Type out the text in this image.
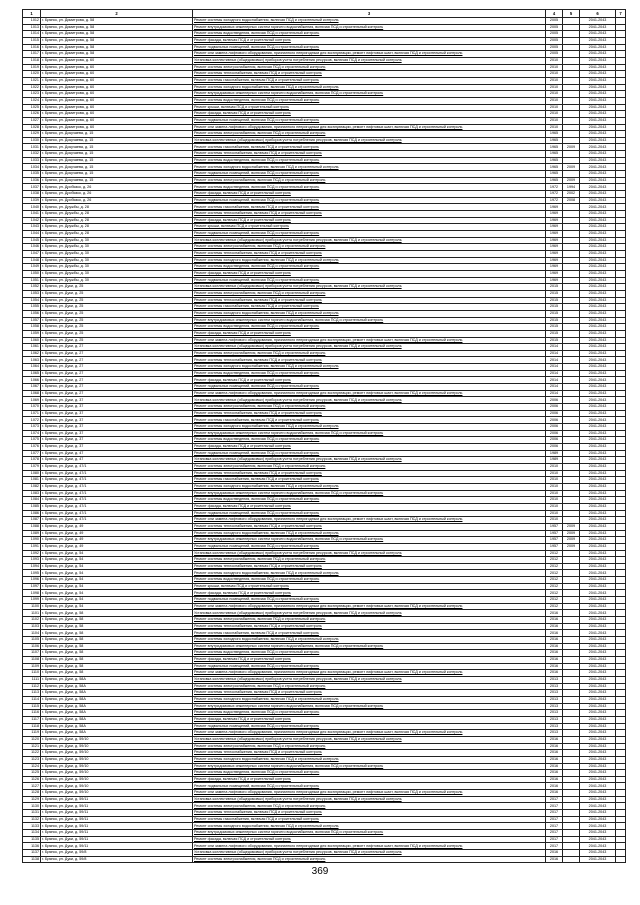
1	2	3	4	5	6	7
1012	г. Брянск, ул. Димитрова, д. 58	Ремонт системы холодного водоснабжения, включая ПСД и строительный контроль	2005		2041-2043	
1013	г. Брянск, ул. Димитрова, д. 58	Ремонт внутридомовых инженерных систем горячего водоснабжения, включая ПСД и строительный контроль	2005		2041-2043	
1014	г. Брянск, ул. Димитрова, д. 58	Ремонт системы водоотведения, включая ПСД и строительный контроль	2005		2041-2043	
1015	г. Брянск, ул. Димитрова, д. 58	Ремонт фасада, включая ПСД и строительный контроль	2005		2041-2043	
1016	г. Брянск, ул. Димитрова, д. 58	Ремонт подвальных помещений, включая ПСД и строительный контроль	2005		2041-2043	
1017	г. Брянск, ул. Димитрова, д. 58	Ремонт или замена лифтового оборудования, признанного непригодным для эксплуатации, ремонт лифтовых шахт, включая ПСД и строительный контроль	2005		2041-2043	
1018	г. Брянск, ул. Димитрова, д. 60	Установка коллективных (общедомовых) приборов учета потребления ресурсов, включая ПСД и строительный контроль	2010		2041-2043	
1019	г. Брянск, ул. Димитрова, д. 60	Ремонт системы электроснабжения, включая ПСД и строительный контроль	2010		2041-2043	
1020	г. Брянск, ул. Димитрова, д. 60	Ремонт системы теплоснабжения, включая ПСД и строительный контроль	2010		2041-2043	
1021	г. Брянск, ул. Димитрова, д. 60	Ремонт системы газоснабжения, включая ПСД и строительный контроль	2010		2041-2043	
1022	г. Брянск, ул. Димитрова, д. 60	Ремонт системы холодного водоснабжения, включая ПСД и строительный контроль	2010		2041-2043	
1023	г. Брянск, ул. Димитрова, д. 60	Ремонт внутридомовых инженерных систем горячего водоснабжения, включая ПСД и строительный контроль	2010		2041-2043	
1024	г. Брянск, ул. Димитрова, д. 60	Ремонт системы водоотведения, включая ПСД и строительный контроль	2010		2041-2043	
1025	г. Брянск, ул. Димитрова, д. 60	Ремонт крыши, включая ПСД и строительный контроль	2010		2041-2043	
1026	г. Брянск, ул. Димитрова, д. 60	Ремонт фасада, включая ПСД и строительный контроль	2010		2041-2043	
1027	г. Брянск, ул. Димитрова, д. 60	Ремонт подвальных помещений, включая ПСД и строительный контроль	2010		2041-2043	
1028	г. Брянск, ул. Димитрова, д. 60	Ремонт или замена лифтового оборудования, признанного непригодным для эксплуатации, ремонт лифтовых шахт, включая ПСД и строительный контроль	2010		2041-2043	
1029	г. Брянск, ул. Докучаева, д. 15	Ремонт системы электроснабжения, включая ПСД и строительный контроль	1965		2041-2043	
1030	г. Брянск, ул. Докучаева, д. 15	Установка коллективных (общедомовых) приборов учета потребления ресурсов, включая ПСД и строительный контроль	1965		2041-2043	
1031	г. Брянск, ул. Докучаева, д. 15	Ремонт системы газоснабжения, включая ПСД и строительный контроль	1965	2009	2041-2043	
1032	г. Брянск, ул. Докучаева, д. 15	Ремонт системы теплоснабжения, включая ПСД и строительный контроль	1965		2041-2043	
1033	г. Брянск, ул. Докучаева, д. 15	Ремонт системы водоотведения, включая ПСД и строительный контроль	1965		2041-2043	
1034	г. Брянск, ул. Докучаева, д. 15	Ремонт системы холодного водоснабжения, включая ПСД и строительный контроль	1965	2009	2041-2043	
1035	г. Брянск, ул. Докучаева, д. 15	Ремонт подвальных помещений, включая ПСД и строительный контроль	1965		2041-2043	
1036	г. Брянск, ул. Докучаева, д. 15	Ремонт системы электроснабжения, включая ПСД и строительный контроль	1965	2009	2041-2043	
1037	г. Брянск, ул. Дробязко, д. 26	Ремонт системы водоотведения, включая ПСД и строительный контроль	1972	1994	2041-2043	
1038	г. Брянск, ул. Дробязко, д. 26	Ремонт фасада, включая ПСД и строительный контроль	1972	2002	2041-2043	
1039	г. Брянск, ул. Дробязко, д. 26	Ремонт подвальных помещений, включая ПСД и строительный контроль	1972	2008	2041-2043	
1040	г. Брянск, ул. Дружбы, д. 28	Ремонт системы газоснабжения, включая ПСД и строительный контроль	1969		2041-2043	
1041	г. Брянск, ул. Дружбы, д. 28	Ремонт системы теплоснабжения, включая ПСД и строительный контроль	1969		2041-2043	
1042	г. Брянск, ул. Дружбы, д. 28	Ремонт фасада, включая ПСД и строительный контроль	1969		2041-2043	
1043	г. Брянск, ул. Дружбы, д. 28	Ремонт крыши, включая ПСД и строительный контроль	1969		2041-2043	
1044	г. Брянск, ул. Дружбы, д. 28	Ремонт подвальных помещений, включая ПСД и строительный контроль	1969		2041-2043	
1045	г. Брянск, ул. Дружбы, д. 30	Установка коллективных (общедомовых) приборов учета потребления ресурсов, включая ПСД и строительный контроль	1969		2041-2043	
1046	г. Брянск, ул. Дружбы, д. 30	Ремонт системы электроснабжения, включая ПСД и строительный контроль	1969		2041-2043	
1047	г. Брянск, ул. Дружбы, д. 30	Ремонт системы теплоснабжения, включая ПСД и строительный контроль	1969		2041-2043	
1048	г. Брянск, ул. Дружбы, д. 30	Ремонт системы холодного водоснабжения, включая ПСД и строительный контроль	1969		2041-2043	
1049	г. Брянск, ул. Дружбы, д. 30	Ремонт системы водоотведения, включая ПСД и строительный контроль	1969		2041-2043	
1050	г. Брянск, ул. Дружбы, д. 30	Ремонт фасада, включая ПСД и строительный контроль	1969		2041-2043	
1051	г. Брянск, ул. Дружбы, д. 30	Ремонт подвальных помещений, включая ПСД и строительный контроль	1969		2041-2043	
1052	г. Брянск, ул. Дуки, д. 25	Установка коллективных (общедомовых) приборов учета потребления ресурсов, включая ПСД и строительный контроль	2015		2041-2043	
1053	г. Брянск, ул. Дуки, д. 25	Ремонт системы электроснабжения, включая ПСД и строительный контроль	2015		2041-2043	
1054	г. Брянск, ул. Дуки, д. 25	Ремонт системы теплоснабжения, включая ПСД и строительный контроль	2015		2041-2043	
1055	г. Брянск, ул. Дуки, д. 25	Ремонт системы газоснабжения, включая ПСД и строительный контроль	2015		2041-2043	
1056	г. Брянск, ул. Дуки, д. 25	Ремонт системы холодного водоснабжения, включая ПСД и строительный контроль	2015		2041-2043	
1057	г. Брянск, ул. Дуки, д. 25	Ремонт внутридомовых инженерных систем горячего водоснабжения, включая ПСД и строительный контроль	2015		2041-2043	
1058	г. Брянск, ул. Дуки, д. 25	Ремонт системы водоотведения, включая ПСД и строительный контроль	2015		2041-2043	
1059	г. Брянск, ул. Дуки, д. 25	Ремонт фасада, включая ПСД и строительный контроль	2015		2041-2043	
1060	г. Брянск, ул. Дуки, д. 25	Ремонт или замена лифтового оборудования, признанного непригодным для эксплуатации, ремонт лифтовых шахт, включая ПСД и строительный контроль	2015		2041-2043	
1061	г. Брянск, ул. Дуки, д. 27	Установка коллективных (общедомовых) приборов учета потребления ресурсов, включая ПСД и строительный контроль	2014		2041-2043	
1062	г. Брянск, ул. Дуки, д. 27	Ремонт системы электроснабжения, включая ПСД и строительный контроль	2014		2041-2043	
1063	г. Брянск, ул. Дуки, д. 27	Ремонт системы теплоснабжения, включая ПСД и строительный контроль	2014		2041-2043	
1064	г. Брянск, ул. Дуки, д. 27	Ремонт системы холодного водоснабжения, включая ПСД и строительный контроль	2014		2041-2043	
1065	г. Брянск, ул. Дуки, д. 27	Ремонт системы водоотведения, включая ПСД и строительный контроль	2014		2041-2043	
1066	г. Брянск, ул. Дуки, д. 27	Ремонт фасада, включая ПСД и строительный контроль	2014		2041-2043	
1067	г. Брянск, ул. Дуки, д. 27	Ремонт подвальных помещений, включая ПСД и строительный контроль	2014		2041-2043	
1068	г. Брянск, ул. Дуки, д. 27	Ремонт или замена лифтового оборудования, признанного непригодным для эксплуатации, ремонт лифтовых шахт, включая ПСД и строительный контроль	2014		2041-2043	
1069	г. Брянск, ул. Дуки, д. 37	Установка коллективных (общедомовых) приборов учета потребления ресурсов, включая ПСД и строительный контроль	2006		2041-2043	
1070	г. Брянск, ул. Дуки, д. 37	Ремонт системы электроснабжения, включая ПСД и строительный контроль	2006		2041-2043	
1071	г. Брянск, ул. Дуки, д. 37	Ремонт системы теплоснабжения, включая ПСД и строительный контроль	2006		2041-2043	
1072	г. Брянск, ул. Дуки, д. 37	Ремонт системы газоснабжения, включая ПСД и строительный контроль	2006		2041-2043	
1073	г. Брянск, ул. Дуки, д. 37	Ремонт системы холодного водоснабжения, включая ПСД и строительный контроль	2006		2041-2043	
1074	г. Брянск, ул. Дуки, д. 37	Ремонт внутридомовых инженерных систем горячего водоснабжения, включая ПСД и строительный контроль	2006		2041-2043	
1075	г. Брянск, ул. Дуки, д. 37	Ремонт системы водоотведения, включая ПСД и строительный контроль	2006		2041-2043	
1076	г. Брянск, ул. Дуки, д. 37	Ремонт фасада, включая ПСД и строительный контроль	2006		2041-2043	
1077	г. Брянск, ул. Дуки, д. 47	Ремонт подвальных помещений, включая ПСД и строительный контроль	1989		2041-2043	
1078	г. Брянск, ул. Дуки, д. 47	Установка коллективных (общедомовых) приборов учета потребления ресурсов, включая ПСД и строительный контроль	1989		2041-2043	
1079	г. Брянск, ул. Дуки, д. 47/1	Ремонт системы электроснабжения, включая ПСД и строительный контроль	2010		2041-2043	
1080	г. Брянск, ул. Дуки, д. 47/1	Ремонт системы теплоснабжения, включая ПСД и строительный контроль	2010		2041-2043	
1081	г. Брянск, ул. Дуки, д. 47/1	Ремонт системы газоснабжения, включая ПСД и строительный контроль	2010		2041-2043	
1082	г. Брянск, ул. Дуки, д. 47/1	Ремонт системы холодного водоснабжения, включая ПСД и строительный контроль	2010		2041-2043	
1083	г. Брянск, ул. Дуки, д. 47/1	Ремонт внутридомовых инженерных систем горячего водоснабжения, включая ПСД и строительный контроль	2010		2041-2043	
1084	г. Брянск, ул. Дуки, д. 47/1	Ремонт системы водоотведения, включая ПСД и строительный контроль	2010		2041-2043	
1085	г. Брянск, ул. Дуки, д. 47/1	Ремонт фасада, включая ПСД и строительный контроль	2010		2041-2043	
1086	г. Брянск, ул. Дуки, д. 47/1	Ремонт подвальных помещений, включая ПСД и строительный контроль	2010		2041-2043	
1087	г. Брянск, ул. Дуки, д. 47/1	Ремонт или замена лифтового оборудования, признанного непригодным для эксплуатации, ремонт лифтовых шахт, включая ПСД и строительный контроль	2010		2041-2043	
1088	г. Брянск, ул. Дуки, д. 49	Ремонт системы теплоснабжения, включая ПСД и строительный контроль	1957	2009	2041-2043	
1089	г. Брянск, ул. Дуки, д. 49	Ремонт системы холодного водоснабжения, включая ПСД и строительный контроль	1957	2009	2041-2043	
1090	г. Брянск, ул. Дуки, д. 49	Ремонт внутридомовых инженерных систем горячего водоснабжения, включая ПСД и строительный контроль	1957	2009	2041-2043	
1091	г. Брянск, ул. Дуки, д. 49	Ремонт подвальных помещений, включая ПСД и строительный контроль	1957	2009	2041-2043	
1092	г. Брянск, ул. Дуки, д. 54	Установка коллективных (общедомовых) приборов учета потребления ресурсов, включая ПСД и строительный контроль	2012		2041-2043	
1093	г. Брянск, ул. Дуки, д. 54	Ремонт системы электроснабжения, включая ПСД и строительный контроль	2012		2041-2043	
1094	г. Брянск, ул. Дуки, д. 54	Ремонт системы теплоснабжения, включая ПСД и строительный контроль	2012		2041-2043	
1095	г. Брянск, ул. Дуки, д. 54	Ремонт системы холодного водоснабжения, включая ПСД и строительный контроль	2012		2041-2043	
1096	г. Брянск, ул. Дуки, д. 54	Ремонт системы водоотведения, включая ПСД и строительный контроль	2012		2041-2043	
1097	г. Брянск, ул. Дуки, д. 54	Ремонт крыши, включая ПСД и строительный контроль	2012		2041-2043	
1098	г. Брянск, ул. Дуки, д. 54	Ремонт фасада, включая ПСД и строительный контроль	2012		2041-2043	
1099	г. Брянск, ул. Дуки, д. 54	Ремонт подвальных помещений, включая ПСД и строительный контроль	2012		2041-2043	
1100	г. Брянск, ул. Дуки, д. 54	Ремонт или замена лифтового оборудования, признанного непригодным для эксплуатации, ремонт лифтовых шахт, включая ПСД и строительный контроль	2012		2041-2043	
1101	г. Брянск, ул. Дуки, д. 58	Установка коллективных (общедомовых) приборов учета потребления ресурсов, включая ПСД и строительный контроль	2016		2041-2043	
1102	г. Брянск, ул. Дуки, д. 58	Ремонт системы электроснабжения, включая ПСД и строительный контроль	2016		2041-2043	
1103	г. Брянск, ул. Дуки, д. 58	Ремонт системы теплоснабжения, включая ПСД и строительный контроль	2016		2041-2043	
1104	г. Брянск, ул. Дуки, д. 58	Ремонт системы газоснабжения, включая ПСД и строительный контроль	2016		2041-2043	
1105	г. Брянск, ул. Дуки, д. 58	Ремонт системы холодного водоснабжения, включая ПСД и строительный контроль	2016		2041-2043	
1106	г. Брянск, ул. Дуки, д. 58	Ремонт внутридомовых инженерных систем горячего водоснабжения, включая ПСД и строительный контроль	2016		2041-2043	
1107	г. Брянск, ул. Дуки, д. 58	Ремонт системы водоотведения, включая ПСД и строительный контроль	2016		2041-2043	
1108	г. Брянск, ул. Дуки, д. 58	Ремонт фасада, включая ПСД и строительный контроль	2016		2041-2043	
1109	г. Брянск, ул. Дуки, д. 58	Ремонт подвальных помещений, включая ПСД и строительный контроль	2016		2041-2043	
1110	г. Брянск, ул. Дуки, д. 58	Ремонт или замена лифтового оборудования, признанного непригодным для эксплуатации, ремонт лифтовых шахт, включая ПСД и строительный контроль	2016		2041-2043	
1111	г. Брянск, ул. Дуки, д. 58А	Установка коллективных (общедомовых) приборов учета потребления ресурсов, включая ПСД и строительный контроль	2013		2041-2043	
1112	г. Брянск, ул. Дуки, д. 58А	Ремонт системы электроснабжения, включая ПСД и строительный контроль	2013		2041-2043	
1113	г. Брянск, ул. Дуки, д. 58А	Ремонт системы теплоснабжения, включая ПСД и строительный контроль	2013		2041-2043	
1114	г. Брянск, ул. Дуки, д. 58А	Ремонт системы холодного водоснабжения, включая ПСД и строительный контроль	2013		2041-2043	
1115	г. Брянск, ул. Дуки, д. 58А	Ремонт внутридомовых инженерных систем горячего водоснабжения, включая ПСД и строительный контроль	2013		2041-2043	
1116	г. Брянск, ул. Дуки, д. 58А	Ремонт системы водоотведения, включая ПСД и строительный контроль	2013		2041-2043	
1117	г. Брянск, ул. Дуки, д. 58А	Ремонт фасада, включая ПСД и строительный контроль	2013		2041-2043	
1118	г. Брянск, ул. Дуки, д. 58А	Ремонт подвальных помещений, включая ПСД и строительный контроль	2013		2041-2043	
1119	г. Брянск, ул. Дуки, д. 58А	Ремонт или замена лифтового оборудования, признанного непригодным для эксплуатации, ремонт лифтовых шахт, включая ПСД и строительный контроль	2013		2041-2043	
1120	г. Брянск, ул. Дуки, д. 59/10	Установка коллективных (общедомовых) приборов учета потребления ресурсов, включая ПСД и строительный контроль	2016		2041-2043	
1121	г. Брянск, ул. Дуки, д. 59/10	Ремонт системы электроснабжения, включая ПСД и строительный контроль	2016		2041-2043	
1122	г. Брянск, ул. Дуки, д. 59/10	Ремонт системы теплоснабжения, включая ПСД и строительный контроль	2016		2041-2043	
1123	г. Брянск, ул. Дуки, д. 59/10	Ремонт системы холодного водоснабжения, включая ПСД и строительный контроль	2016		2041-2043	
1124	г. Брянск, ул. Дуки, д. 59/10	Ремонт внутридомовых инженерных систем горячего водоснабжения, включая ПСД и строительный контроль	2016		2041-2043	
1125	г. Брянск, ул. Дуки, д. 59/10	Ремонт системы водоотведения, включая ПСД и строительный контроль	2016		2041-2043	
1126	г. Брянск, ул. Дуки, д. 59/10	Ремонт фасада, включая ПСД и строительный контроль	2016		2041-2043	
1127	г. Брянск, ул. Дуки, д. 59/10	Ремонт подвальных помещений, включая ПСД и строительный контроль	2016		2041-2043	
1128	г. Брянск, ул. Дуки, д. 59/10	Ремонт или замена лифтового оборудования, признанного непригодным для эксплуатации, ремонт лифтовых шахт, включая ПСД и строительный контроль	2016		2041-2043	
1129	г. Брянск, ул. Дуки, д. 59/11	Установка коллективных (общедомовых) приборов учета потребления ресурсов, включая ПСД и строительный контроль	2017		2041-2043	
1130	г. Брянск, ул. Дуки, д. 59/11	Ремонт системы электроснабжения, включая ПСД и строительный контроль	2017		2041-2043	
1131	г. Брянск, ул. Дуки, д. 59/11	Ремонт системы теплоснабжения, включая ПСД и строительный контроль	2017		2041-2043	
1132	г. Брянск, ул. Дуки, д. 59/11	Ремонт системы газоснабжения, включая ПСД и строительный контроль	2017		2041-2043	
1133	г. Брянск, ул. Дуки, д. 59/11	Ремонт системы холодного водоснабжения, включая ПСД и строительный контроль	2017		2041-2043	
1134	г. Брянск, ул. Дуки, д. 59/11	Ремонт внутридомовых инженерных систем горячего водоснабжения, включая ПСД и строительный контроль	2017		2041-2043	
1135	г. Брянск, ул. Дуки, д. 59/11	Ремонт фасада, включая ПСД и строительный контроль	2017		2041-2043	
1136	г. Брянск, ул. Дуки, д. 59/11	Ремонт или замена лифтового оборудования, признанного непригодным для эксплуатации, ремонт лифтовых шахт, включая ПСД и строительный контроль	2017		2041-2043	
1137	г. Брянск, ул. Дуки, д. 59/8	Установка коллективных (общедомовых) приборов учета потребления ресурсов, включая ПСД и строительный контроль	2016		2041-2043	
1138	г. Брянск, ул. Дуки, д. 59/8	Ремонт системы электроснабжения, включая ПСД и строительный контроль	2016		2041-2043	
369
